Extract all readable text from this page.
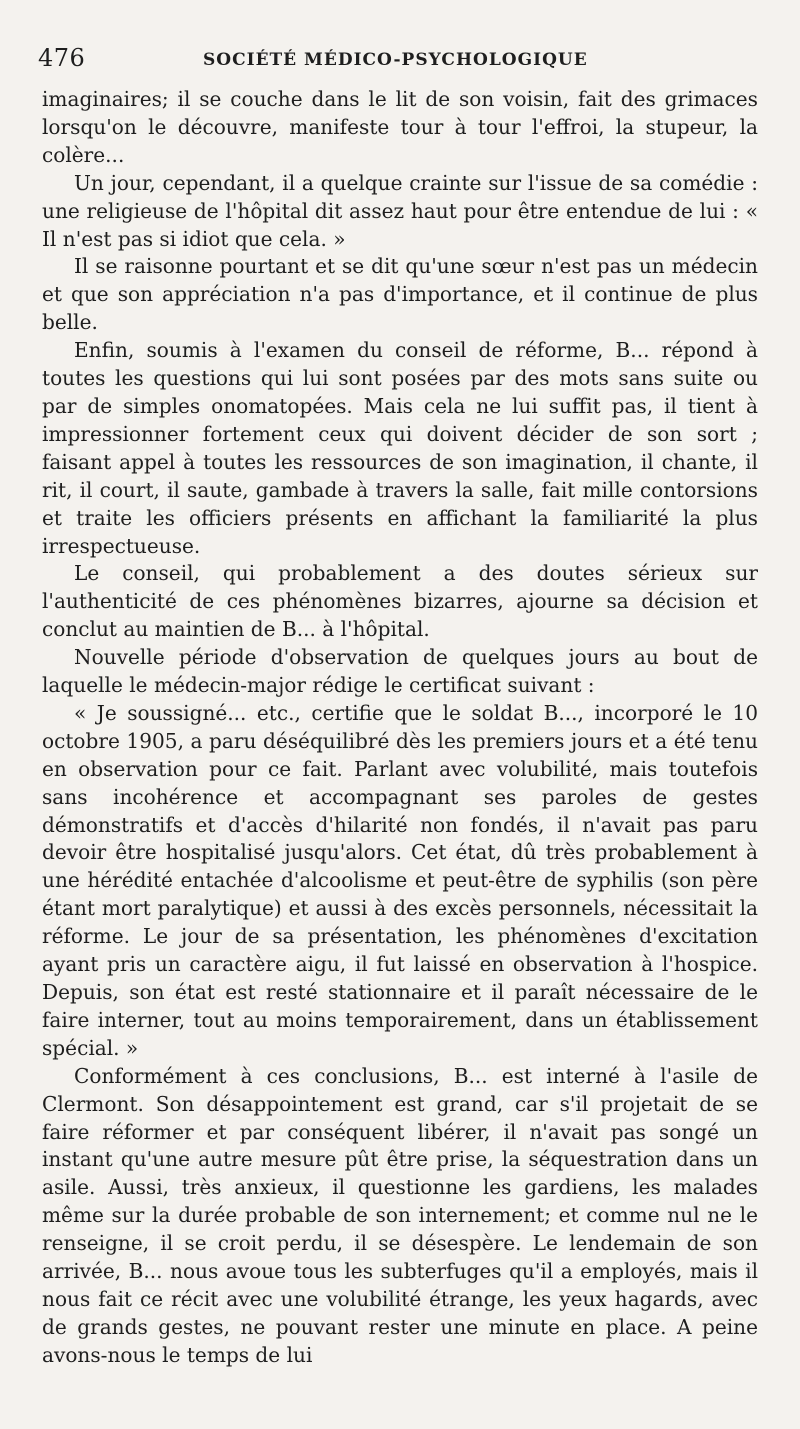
476	SOCIÉTÉ MÉDICO-PSYCHOLOGIQUE

imaginaires; il se couche dans le lit de son voisin, fait des grimaces lorsqu'on le découvre, manifeste tour à tour l'effroi, la stupeur, la colère...

Un jour, cependant, il a quelque crainte sur l'issue de sa comédie : une religieuse de l'hôpital dit assez haut pour être entendue de lui : « Il n'est pas si idiot que cela. »

Il se raisonne pourtant et se dit qu'une sœur n'est pas un médecin et que son appréciation n'a pas d'importance, et il continue de plus belle.

Enfin, soumis à l'examen du conseil de réforme, B... répond à toutes les questions qui lui sont posées par des mots sans suite ou par de simples onomatopées. Mais cela ne lui suffit pas, il tient à impressionner fortement ceux qui doivent décider de son sort ; faisant appel à toutes les ressources de son imagination, il chante, il rit, il court, il saute, gambade à travers la salle, fait mille contorsions et traite les officiers présents en affichant la familiarité la plus irrespectueuse.

Le conseil, qui probablement a des doutes sérieux sur l'authenticité de ces phénomènes bizarres, ajourne sa décision et conclut au maintien de B... à l'hôpital.

Nouvelle période d'observation de quelques jours au bout de laquelle le médecin-major rédige le certificat suivant :

« Je soussigné... etc., certifie que le soldat B..., incorporé le 10 octobre 1905, a paru déséquilibré dès les premiers jours et a été tenu en observation pour ce fait. Parlant avec volubilité, mais toutefois sans incohérence et accompagnant ses paroles de gestes démonstratifs et d'accès d'hilarité non fondés, il n'avait pas paru devoir être hospitalisé jusqu'alors. Cet état, dû très probablement à une hérédité entachée d'alcoolisme et peut-être de syphilis (son père étant mort paralytique) et aussi à des excès personnels, nécessitait la réforme. Le jour de sa présentation, les phénomènes d'excitation ayant pris un caractère aigu, il fut laissé en observation à l'hospice. Depuis, son état est resté stationnaire et il paraît nécessaire de le faire interner, tout au moins temporairement, dans un établissement spécial. »

Conformément à ces conclusions, B... est interné à l'asile de Clermont. Son désappointement est grand, car s'il projetait de se faire réformer et par conséquent libérer, il n'avait pas songé un instant qu'une autre mesure pût être prise, la séquestration dans un asile. Aussi, très anxieux, il questionne les gardiens, les malades même sur la durée probable de son internement; et comme nul ne le renseigne, il se croit perdu, il se désespère. Le lendemain de son arrivée, B... nous avoue tous les subterfuges qu'il a employés, mais il nous fait ce récit avec une volubilité étrange, les yeux hagards, avec de grands gestes, ne pouvant rester une minute en place. A peine avons-nous le temps de lui
